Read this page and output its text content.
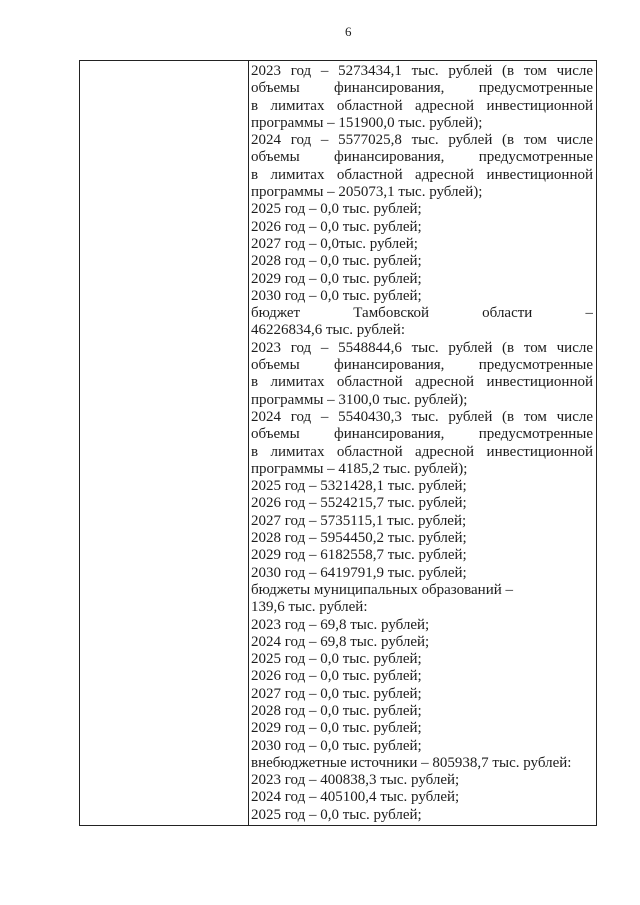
6
2023 год – 5273434,1 тыс. рублей (в том числе
объемы финансирования, предусмотренные
в лимитах областной адресной инвестиционной
программы – 151900,0 тыс. рублей);
2024 год – 5577025,8 тыс. рублей (в том числе
объемы финансирования, предусмотренные
в лимитах областной адресной инвестиционной
программы – 205073,1 тыс. рублей);
2025 год – 0,0 тыс. рублей;
2026 год – 0,0 тыс. рублей;
2027 год – 0,0тыс. рублей;
2028 год – 0,0 тыс. рублей;
2029 год – 0,0 тыс. рублей;
2030 год – 0,0 тыс. рублей;
бюджет Тамбовской области –
46226834,6 тыс. рублей:
2023 год – 5548844,6 тыс. рублей (в том числе
объемы финансирования, предусмотренные
в лимитах областной адресной инвестиционной
программы – 3100,0 тыс. рублей);
2024 год – 5540430,3 тыс. рублей (в том числе
объемы финансирования, предусмотренные
в лимитах областной адресной инвестиционной
программы – 4185,2 тыс. рублей);
2025 год – 5321428,1 тыс. рублей;
2026 год – 5524215,7 тыс. рублей;
2027 год – 5735115,1 тыс. рублей;
2028 год – 5954450,2 тыс. рублей;
2029 год – 6182558,7 тыс. рублей;
2030 год – 6419791,9 тыс. рублей;
бюджеты муниципальных образований –
139,6 тыс. рублей:
2023 год – 69,8 тыс. рублей;
2024 год – 69,8 тыс. рублей;
2025 год – 0,0 тыс. рублей;
2026 год – 0,0 тыс. рублей;
2027 год – 0,0 тыс. рублей;
2028 год – 0,0 тыс. рублей;
2029 год – 0,0 тыс. рублей;
2030 год – 0,0 тыс. рублей;
внебюджетные источники – 805938,7 тыс. рублей:
2023 год – 400838,3 тыс. рублей;
2024 год – 405100,4 тыс. рублей;
2025 год – 0,0 тыс. рублей;
